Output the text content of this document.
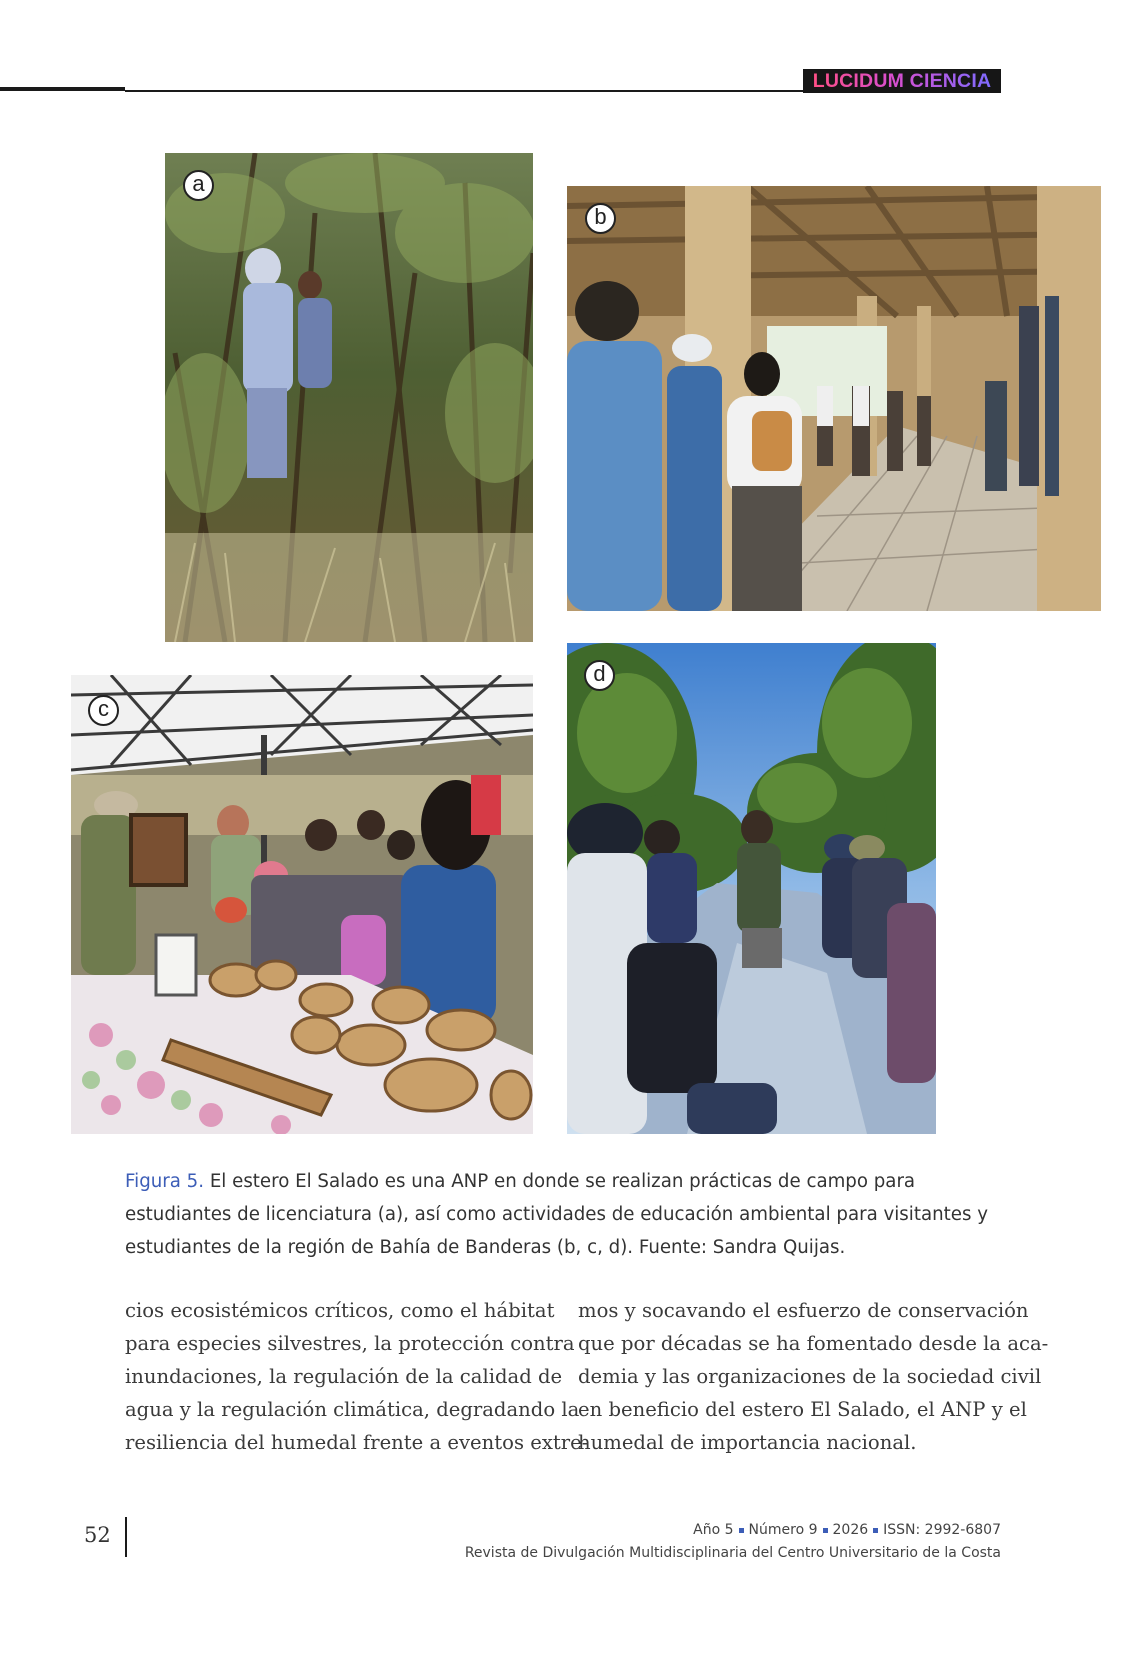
LUCIDUM CIENCIA
a
b
c
d
Figura 5. El estero El Salado es una ANP en donde se realizan prácticas de campo para estudiantes de licenciatura (a), así como actividades de educación ambiental para visitantes y estudiantes de la región de Bahía de Banderas (b, c, d). Fuente: Sandra Quijas.
cios ecosistémicos críticos, como el hábitat
para especies silvestres, la protección contra
inundaciones, la regulación de la calidad de
agua y la regulación climática, degradando la
resiliencia del humedal frente a eventos extre-
mos y socavando el esfuerzo de conservación
que por décadas se ha fomentado desde la aca-
demia y las organizaciones de la sociedad civil
en beneficio del estero El Salado, el ANP y el
humedal de importancia nacional.
52	Año 5 Número 9 2026 ISSN: 2992-6807
Revista de Divulgación Multidisciplinaria del Centro Universitario de la Costa
